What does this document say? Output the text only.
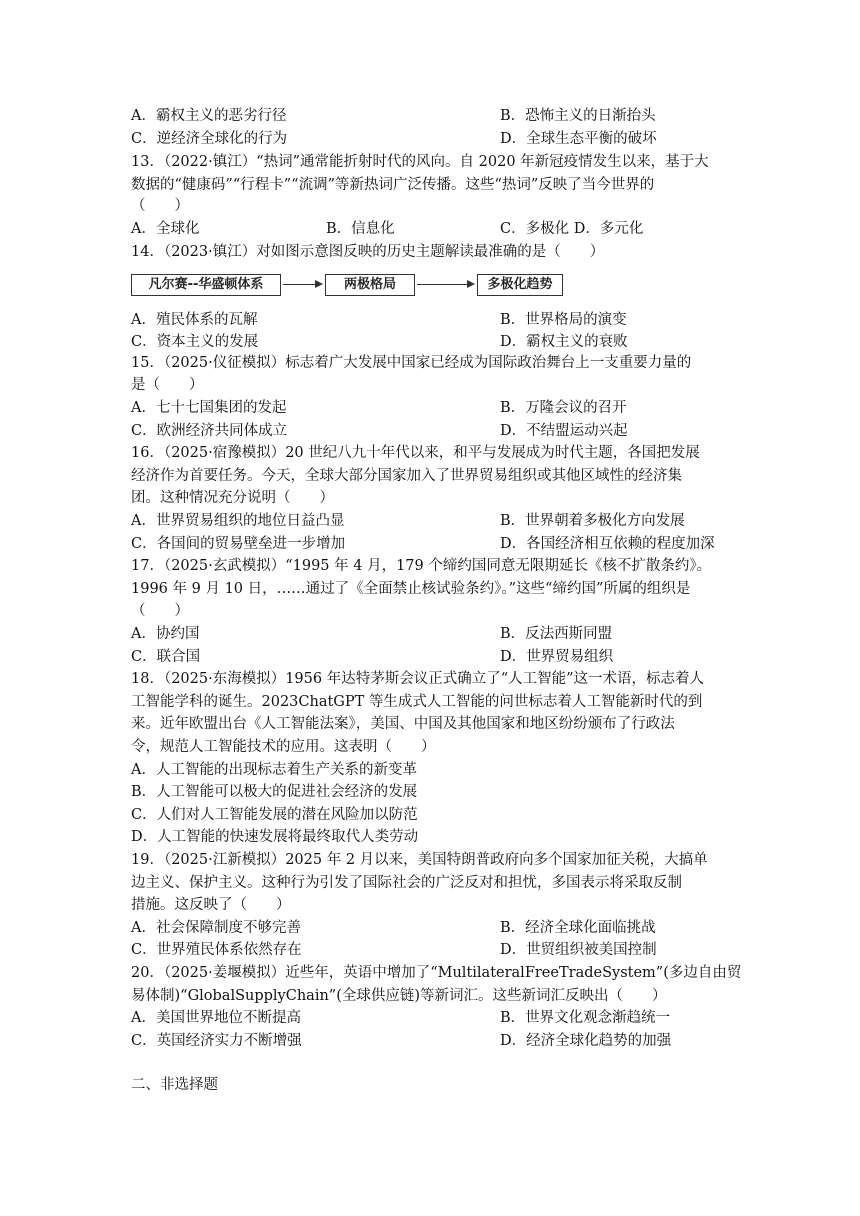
A．霸权主义的恶劣行径	B．恐怖主义的日渐抬头
C．逆经济全球化的行为	D．全球生态平衡的破坏
13．（2022·镇江）“热词”通常能折射时代的风向。自 2020 年新冠疫情发生以来，基于大
数据的“健康码”“行程卡”“流调”等新热词广泛传播。这些“热词”反映了当今世界的
（　　）
A．全球化	B．信息化	C．多极化 D．多元化
14．（2023·镇江）对如图示意图反映的历史主题解读最准确的是（　　）
凡尔赛--华盛顿体系	两极格局	多极化趋势
A．殖民体系的瓦解	B．世界格局的演变
C．资本主义的发展	D．霸权主义的衰败
15．（2025·仪征模拟）标志着广大发展中国家已经成为国际政治舞台上一支重要力量的
是（　　）
A．七十七国集团的发起	B．万隆会议的召开
C．欧洲经济共同体成立	D．不结盟运动兴起
16．（2025·宿豫模拟）20 世纪八九十年代以来，和平与发展成为时代主题，各国把发展
经济作为首要任务。今天，全球大部分国家加入了世界贸易组织或其他区域性的经济集
团。这种情况充分说明（　　）
A．世界贸易组织的地位日益凸显	B．世界朝着多极化方向发展
C．各国间的贸易壁垒进一步增加	D．各国经济相互依赖的程度加深
17．（2025·玄武模拟）“1995 年 4 月，179 个缔约国同意无限期延长《核不扩散条约》。
1996 年 9 月 10 日，……通过了《全面禁止核试验条约》。”这些“缔约国”所属的组织是
（　　）
A．协约国	B．反法西斯同盟
C．联合国	D．世界贸易组织
18．（2025·东海模拟）1956 年达特茅斯会议正式确立了“人工智能”这一术语，标志着人
工智能学科的诞生。2023ChatGPT 等生成式人工智能的问世标志着人工智能新时代的到
来。近年欧盟出台《人工智能法案》，美国、中国及其他国家和地区纷纷颁布了行政法
令，规范人工智能技术的应用。这表明（　　）
A．人工智能的出现标志着生产关系的新变革
B．人工智能可以极大的促进社会经济的发展
C．人们对人工智能发展的潜在风险加以防范
D．人工智能的快速发展将最终取代人类劳动
19．（2025·江新模拟）2025 年 2 月以来，美国特朗普政府向多个国家加征关税，大搞单
边主义、保护主义。这种行为引发了国际社会的广泛反对和担忧，多国表示将采取反制
措施。这反映了（　　）
A．社会保障制度不够完善	B．经济全球化面临挑战
C．世界殖民体系依然存在	D．世贸组织被美国控制
20．（2025·姜堰模拟）近些年，英语中增加了“MultilateralFreeTradeSystem”(多边自由贸
易体制)“GlobalSupplyChain”(全球供应链)等新词汇。这些新词汇反映出（　　）
A．美国世界地位不断提高	B．世界文化观念渐趋统一
C．英国经济实力不断增强	D．经济全球化趋势的加强
二、非选择题
